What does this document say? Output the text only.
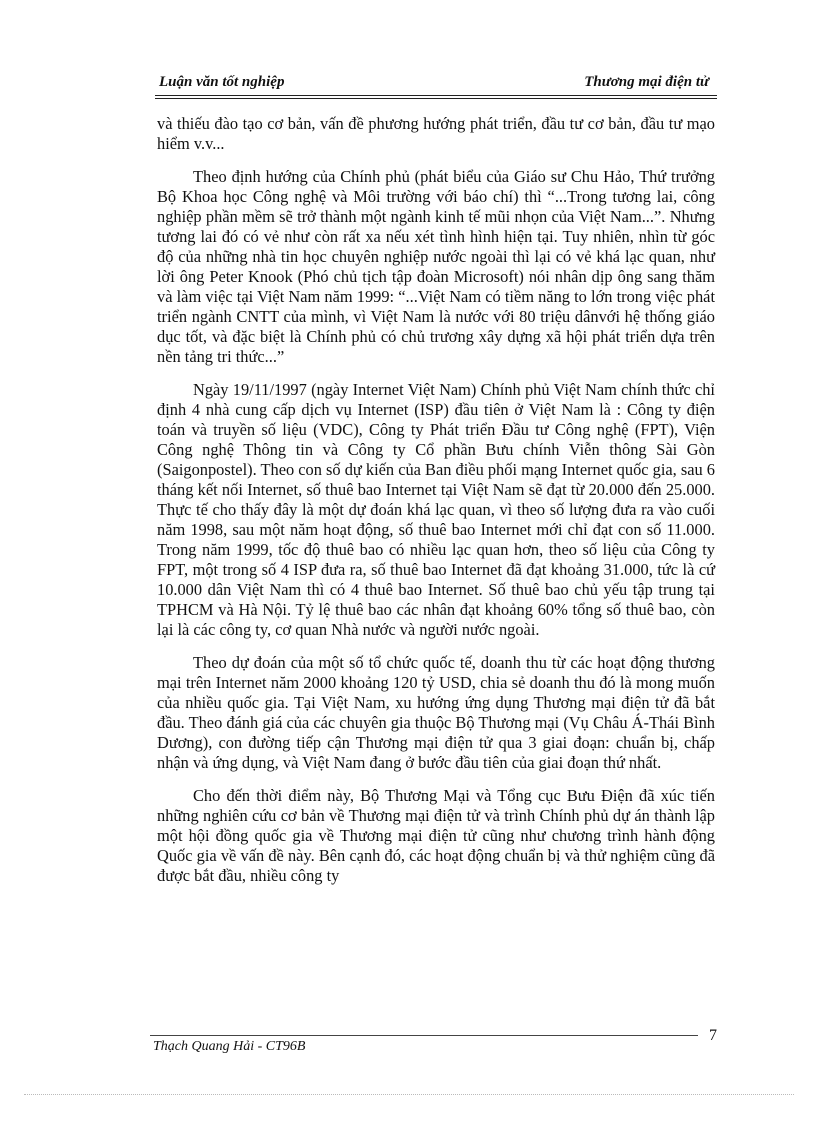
Luận văn tốt nghiệp	Thương mại điện tử

và thiếu đào tạo cơ bản, vấn đề phương hướng phát triển, đầu tư cơ bản, đầu tư mạo hiểm v.v...

Theo định hướng của Chính phủ (phát biểu của Giáo sư Chu Hảo, Thứ trưởng Bộ Khoa học Công nghệ và Môi trường với báo chí) thì “...Trong tương lai, công nghiệp phần mềm sẽ trở thành một ngành kinh tế mũi nhọn của Việt Nam...”. Nhưng tương lai đó có vẻ như còn rất xa nếu xét tình hình hiện tại. Tuy nhiên, nhìn từ góc độ của những nhà tin học chuyên nghiệp nước ngoài thì lại có vẻ khá lạc quan, như lời ông Peter Knook (Phó chủ tịch tập đoàn Microsoft) nói nhân dịp ông sang thăm và làm việc tại Việt Nam năm 1999: “...Việt Nam có tiềm năng to lớn trong việc phát triển ngành CNTT của mình, vì Việt Nam là nước với 80 triệu dânvới hệ thống giáo dục tốt, và đặc biệt là Chính phủ có chủ trương xây dựng xã hội phát triển dựa trên nền tảng tri thức...”

Ngày 19/11/1997 (ngày Internet Việt Nam) Chính phủ Việt Nam chính thức chỉ định 4 nhà cung cấp dịch vụ Internet (ISP) đầu tiên ở Việt Nam là : Công ty điện toán và truyền số liệu (VDC), Công ty Phát triển Đầu tư Công nghệ (FPT), Viện Công nghệ Thông tin và Công ty Cổ phần Bưu chính Viễn thông Sài Gòn (Saigonpostel). Theo con số dự kiến của Ban điều phối mạng Internet quốc gia, sau 6 tháng kết nối Internet, số thuê bao Internet tại Việt Nam sẽ đạt từ 20.000 đến 25.000. Thực tế cho thấy đây là một dự đoán khá lạc quan, vì theo số lượng đưa ra vào cuối năm 1998, sau một năm hoạt động, số thuê bao Internet mới chỉ đạt con số 11.000. Trong năm 1999, tốc độ thuê bao có nhiều lạc quan hơn, theo số liệu của Công ty FPT, một trong số 4 ISP đưa ra, số thuê bao Internet đã đạt khoảng 31.000, tức là cứ 10.000 dân Việt Nam thì có 4 thuê bao Internet. Số thuê bao chủ yếu tập trung tại TPHCM và Hà Nội. Tỷ lệ thuê bao các nhân đạt khoảng 60% tổng số thuê bao, còn lại là các công ty, cơ quan Nhà nước và người nước ngoài.

Theo dự đoán của một số tổ chức quốc tế, doanh thu từ các hoạt động thương mại trên Internet năm 2000 khoảng 120 tỷ USD, chia sẻ doanh thu đó là mong muốn của nhiều quốc gia. Tại Việt Nam, xu hướng ứng dụng Thương mại điện tử đã bắt đầu. Theo đánh giá của các chuyên gia thuộc Bộ Thương mại (Vụ Châu Á-Thái Bình Dương), con đường tiếp cận Thương mại điện tử qua 3 giai đoạn: chuẩn bị, chấp nhận và ứng dụng, và Việt Nam đang ở bước đầu tiên của giai đoạn thứ nhất.

Cho đến thời điểm này, Bộ Thương Mại và Tổng cục Bưu Điện đã xúc tiến những nghiên cứu cơ bản về Thương mại điện tử và trình Chính phủ dự án thành lập một hội đồng quốc gia về Thương mại điện tử cũng như chương trình hành động Quốc gia về vấn đề này. Bên cạnh đó, các hoạt động chuẩn bị và thử nghiệm cũng đã được bắt đầu, nhiều công ty

Thạch Quang Hải - CT96B
7
